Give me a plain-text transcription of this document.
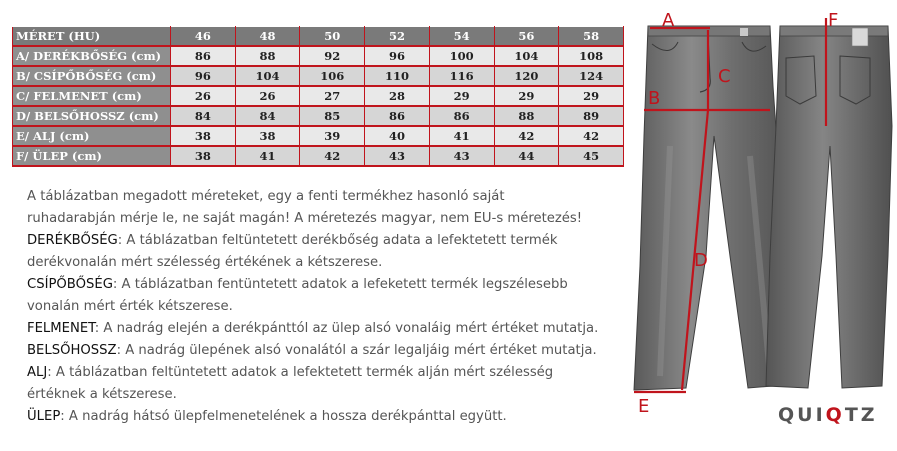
MÉRET (HU)	46	48	50	52	54	56	58
A/ DERÉKBŐSÉG (cm)	86	88	92	96	100	104	108
B/ CSÍPŐBŐSÉG (cm)	96	104	106	110	116	120	124
C/ FELMENET (cm)	26	26	27	28	29	29	29
D/ BELSŐHOSSZ (cm)	84	84	85	86	86	88	89
E/ ALJ (cm)	38	38	39	40	41	42	42
F/ ÜLEP (cm)	38	41	42	43	43	44	45

A táblázatban megadott méreteket, egy a fenti termékhez hasonló saját

ruhadarabján mérje le, ne saját magán! A méretezés magyar, nem EU-s méretezés!

DERÉKBŐSÉG: A táblázatban feltüntetett derékbőség adata a lefektetett termék

derékvonalán mért szélesség értékének a kétszerese.

CSÍPŐBŐSÉG: A táblázatban fentüntetett adatok a lefeketett termék legszélesebb

vonalán mért érték kétszerese.

FELMENET: A nadrág elején a derékpánttól az ülep alsó vonaláig mért értéket mutatja.

BELSŐHOSSZ: A nadrág ülepének alsó vonalától a szár legaljáig mért értéket mutatja.

ALJ: A táblázatban feltüntetett adatok a lefektetett termék alján mért szélesség

értéknek a kétszerese.

ÜLEP: A nadrág hátsó ülepfelmenetelének a hossza derékpánttal együtt.

A
B
C
D
E
F
QUIQTZ
